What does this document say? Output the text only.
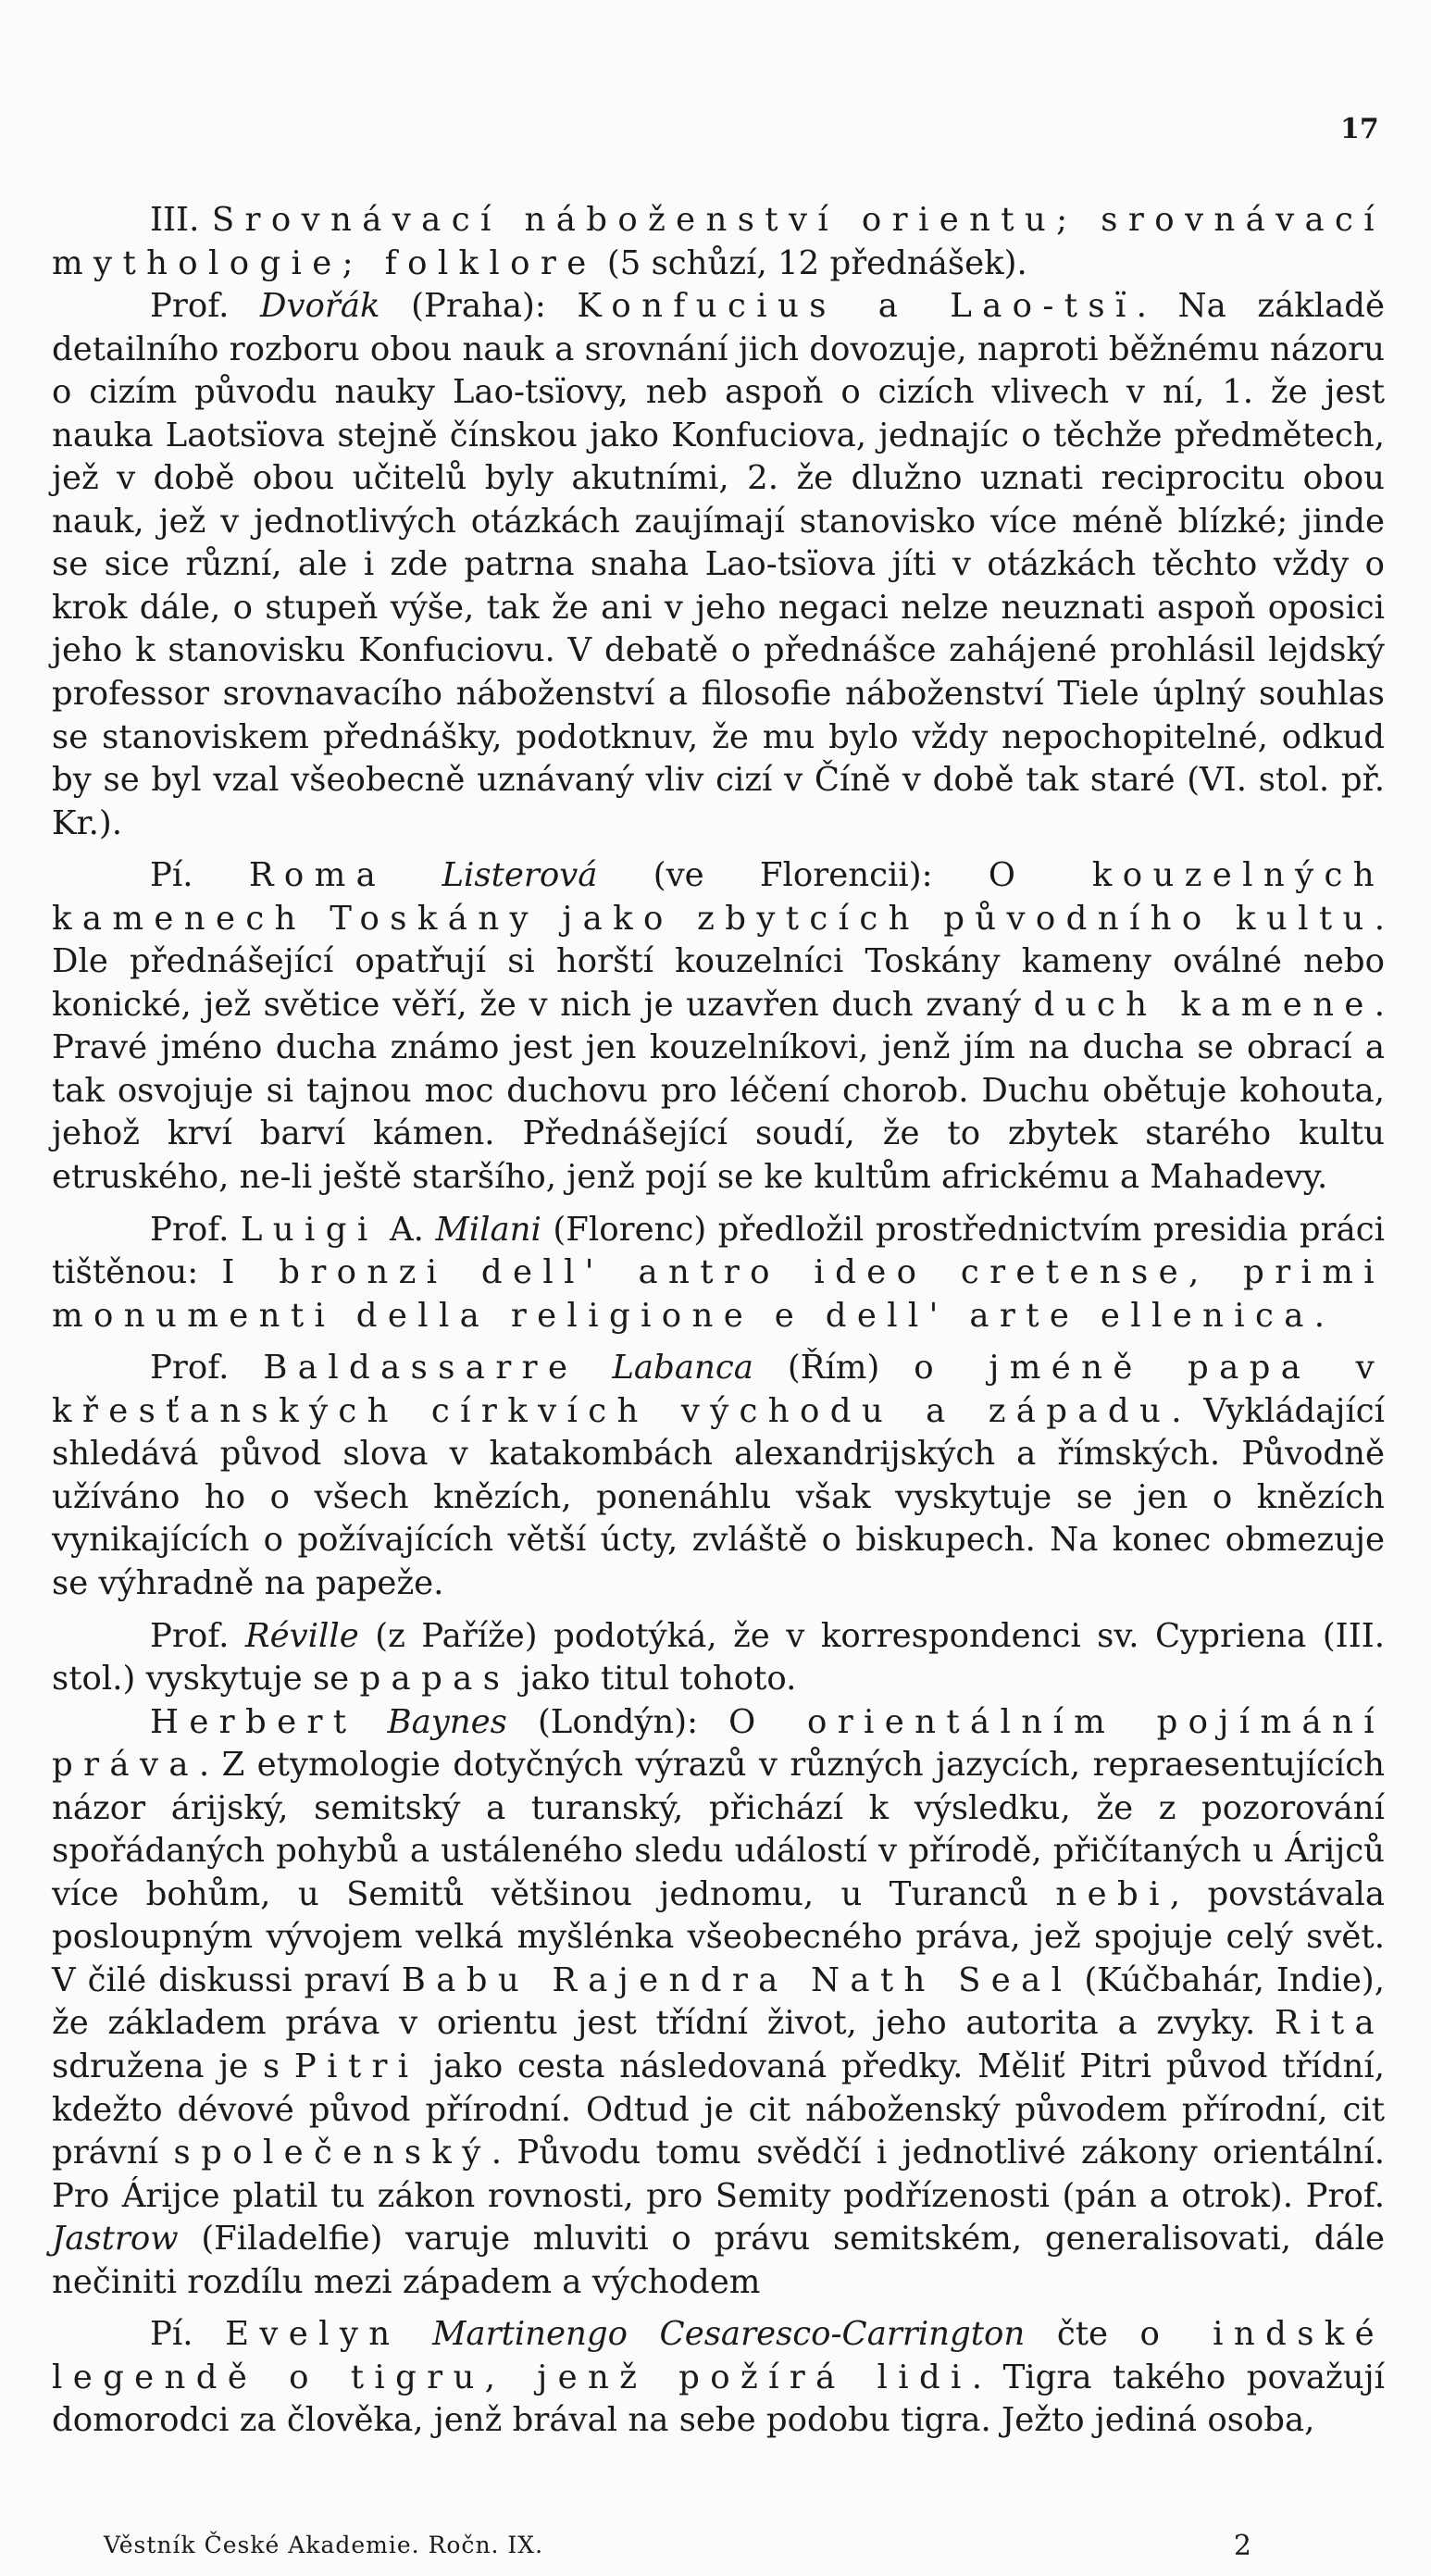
17

III. Srovnávací náboženství orientu; srovnávací mythologie; folklore (5 schůzí, 12 přednášek).

Prof. Dvořák (Praha): Konfucius a Lao-tsï. Na základě detailního rozboru obou nauk a srovnání jich dovozuje, naproti běžnému názoru o cizím původu nauky Lao-tsïovy, neb aspoň o cizích vlivech v ní, 1. že jest nauka Laotsïova stejně čínskou jako Konfuciova, jednajíc o těchže předmětech, jež v době obou učitelů byly akutními, 2. že dlužno uznati reciprocitu obou nauk, jež v jednotlivých otázkách zaujímají stanovisko více méně blízké; jinde se sice různí, ale i zde patrna snaha Lao-tsïova jíti v otázkách těchto vždy o krok dále, o stupeň výše, tak že ani v jeho negaci nelze neuznati aspoň oposici jeho k stanovisku Konfuciovu. V debatě o přednášce zahájené prohlásil lejdský professor srovnavacího náboženství a filosofie náboženství Tiele úplný souhlas se stanoviskem přednášky, podotknuv, že mu bylo vždy nepochopitelné, odkud by se byl vzal všeobecně uznávaný vliv cizí v Číně v době tak staré (VI. stol. př. Kr.).

Pí. Roma Listerová (ve Florencii): O kouzelných kamenech Toskány jako zbytcích původního kultu. Dle přednášející opatřují si horští kouzelníci Toskány kameny oválné nebo konické, jež světice věří, že v nich je uzavřen duch zvaný duch kamene. Pravé jméno ducha známo jest jen kouzelníkovi, jenž jím na ducha se obrací a tak osvojuje si tajnou moc duchovu pro léčení chorob. Duchu obětuje kohouta, jehož krví barví kámen. Přednášející soudí, že to zbytek starého kultu etruského, ne-li ještě staršího, jenž pojí se ke kultům africkému a Mahadevy.

Prof. Luigi A. Milani (Florenc) předložil prostřednictvím presidia práci tištěnou: I bronzi dell' antro ideo cretense, primi monumenti della religione e dell' arte ellenica.

Prof. Baldassarre Labanca (Řím) o jméně papa v křesťanských církvích východu a západu. Vykládající shledává původ slova v katakombách alexandrijských a římských. Původně užíváno ho o všech knězích, ponenáhlu však vyskytuje se jen o knězích vynikajících o požívajících větší úcty, zvláště o biskupech. Na konec obmezuje se výhradně na papeže.

Prof. Réville (z Paříže) podotýká, že v korrespondenci sv. Cypriena (III. stol.) vyskytuje se papas jako titul tohoto.

Herbert Baynes (Londýn): O orientálním pojímání práva. Z etymologie dotyčných výrazů v různých jazycích, repraesentujících názor árijský, semitský a turanský, přichází k výsledku, že z pozorování spořádaných pohybů a ustáleného sledu událostí v přírodě, přičítaných u Árijců více bohům, u Semitů většinou jednomu, u Turanců nebi, povstávala posloupným vývojem velká myšlénka všeobecného práva, jež spojuje celý svět. V čilé diskussi praví Babu Rajendra Nath Seal (Kúčbahár, Indie), že základem práva v orientu jest třídní život, jeho autorita a zvyky. Rita sdružena je s Pitri jako cesta následovaná předky. Měliť Pitri původ třídní, kdežto dévové původ přírodní. Odtud je cit náboženský původem přírodní, cit právní společenský. Původu tomu svědčí i jednotlivé zákony orientální. Pro Árijce platil tu zákon rovnosti, pro Semity podřízenosti (pán a otrok). Prof. Jastrow (Filadelfie) varuje mluviti o právu semitském, generalisovati, dále nečiniti rozdílu mezi západem a východem

Pí. Evelyn Martinengo Cesaresco-Carrington čte o indské legendě o tigru, jenž požírá lidi. Tigra takého považují domorodci za člověka, jenž brával na sebe podobu tigra. Ježto jediná osoba,

Věstník České Akademie. Ročn. IX.	2
